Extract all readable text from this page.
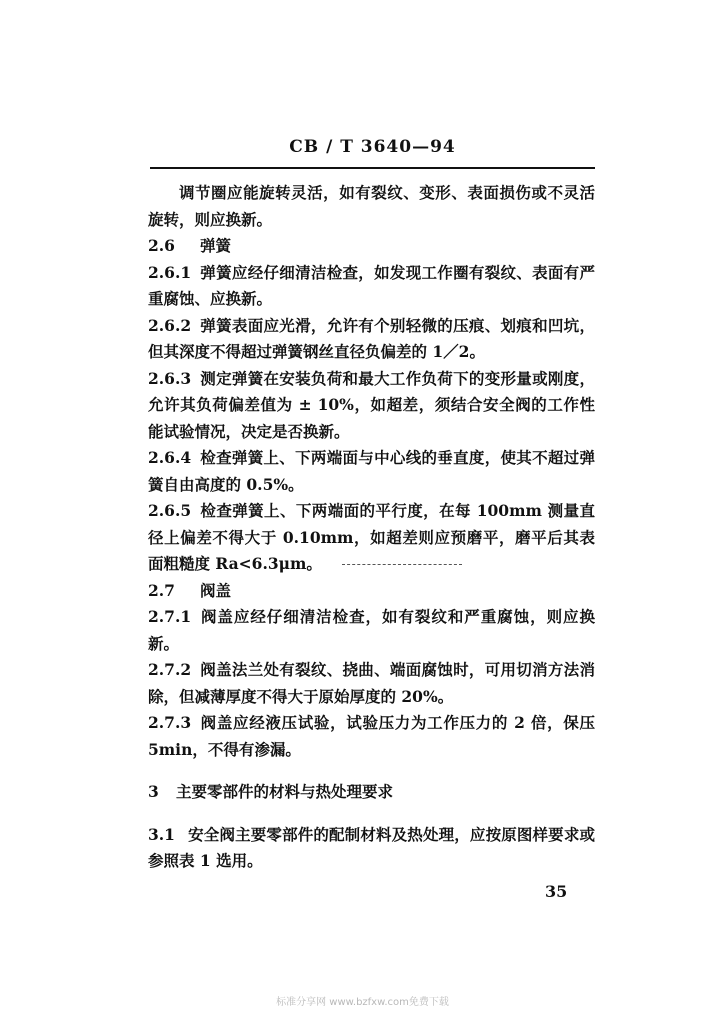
CB / T 3640—94

调节圈应能旋转灵活，如有裂纹、变形、表面损伤或不灵活旋转，则应换新。

2.6 弹簧

2.6.1 弹簧应经仔细清洁检查，如发现工作圈有裂纹、表面有严重腐蚀、应换新。

2.6.2 弹簧表面应光滑，允许有个别轻微的压痕、划痕和凹坑，但其深度不得超过弹簧钢丝直径负偏差的 1／2。

2.6.3 测定弹簧在安装负荷和最大工作负荷下的变形量或刚度，允许其负荷偏差值为 ± 10%，如超差，须结合安全阀的工作性能试验情况，决定是否换新。

2.6.4 检查弹簧上、下两端面与中心线的垂直度，使其不超过弹簧自由高度的 0.5%。

2.6.5 检查弹簧上、下两端面的平行度，在每 100mm 测量直径上偏差不得大于 0.10mm，如超差则应预磨平，磨平后其表面粗糙度 Ra<6.3μm。

2.7 阀盖

2.7.1 阀盖应经仔细清洁检查，如有裂纹和严重腐蚀，则应换新。

2.7.2 阀盖法兰处有裂纹、挠曲、端面腐蚀时，可用切消方法消除，但减薄厚度不得大于原始厚度的 20%。

2.7.3 阀盖应经液压试验，试验压力为工作压力的 2 倍，保压 5min，不得有渗漏。

3 主要零部件的材料与热处理要求

3.1 安全阀主要零部件的配制材料及热处理，应按原图样要求或参照表 1 选用。

35
标准分享网 www.bzfxw.com免费下载
